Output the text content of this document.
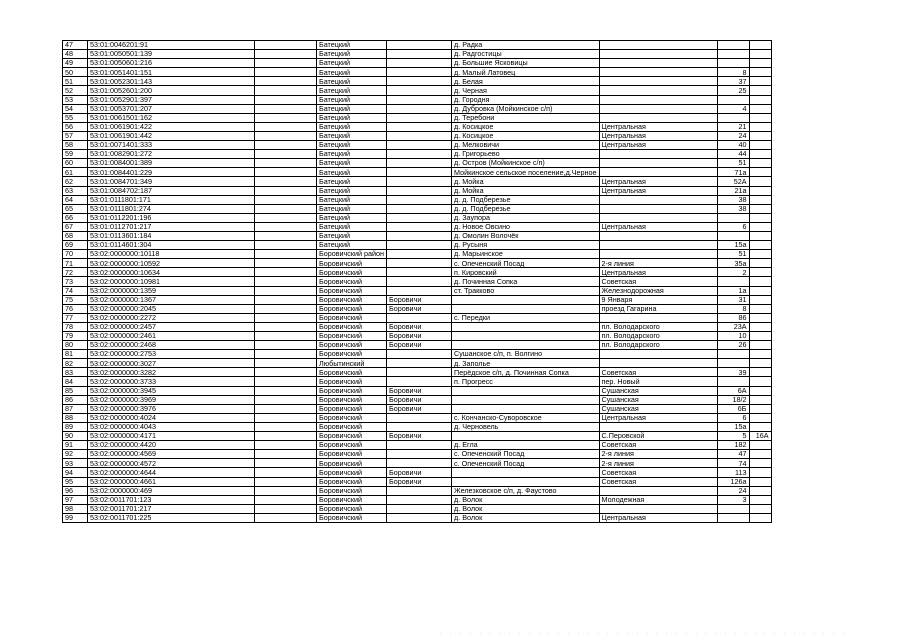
47	53:01:0046201:91		Батецкий		д. Радка			
48	53:01:0050501:139		Батецкий		д. Радгостицы			
49	53:01:0050601:216		Батецкий		д. Большие Ясковицы			
50	53:01:0051401:151		Батецкий		д. Малый Латовец		8	
51	53:01:0052301:143		Батецкий		д. Белая		37	
52	53:01:0052601:200		Батецкий		д. Черная		25	
53	53:01:0052901:397		Батецкий		д. Городня			
54	53:01:0053701:207		Батецкий		д. Дубровка (Мойкинское с/п)		4	
55	53:01:0061501:162		Батецкий		д. Теребони			
56	53:01:0061901:422		Батецкий		д. Косицкое	Центральная	21	
57	53:01:0061901:442		Батецкий		д. Косицкое	Центральная	24	
58	53:01:0071401:333		Батецкий		д. Мелковичи	Центральная	40	
59	53:01:0082901:272		Батецкий		д. Григорьево		44	
60	53:01:0084001:389		Батецкий		д. Остров (Мойкинское с/п)		51	
61	53:01:0084401:229		Батецкий		Мойкинское сельское поселение,д.Черное		71а	
62	53:01:0084701:349		Батецкий		д. Мойка	Центральная	52А	
63	53:01:0084702:187		Батецкий		д. Мойка	Центральная	21а	
64	53:01:0111801:171		Батецкий		д. д. Подберезье		38	
65	53:01:0111801:274		Батецкий		д. д. Подберезье		38	
66	53:01:0112201:196		Батецкий		д. Заупора			
67	53:01:0112701:217		Батецкий		д. Новое Овсино	Центральная	6	
68	53:01:0113601:184		Батецкий		д. Омолин Волочёк			
69	53:01:0114601:304		Батецкий		д. Русыня		15а	
70	53:02:0000000:10118		Боровичский район		д. Марьинское		51	
71	53:02:0000000:10592		Боровичский		с. Опеченский Посад	2-я линия	35а	
72	53:02:0000000:10634		Боровичский		п. Кировский	Центральная	2	
73	53:02:0000000:10981		Боровичский		д. Починная Сопка	Советская		
74	53:02:0000000:1359		Боровичский		ст. Тракково	Железнодорожная	1а	
75	53:02:0000000:1367		Боровичский	Боровичи		9 Января	31	
76	53:02:0000000:2045		Боровичский	Боровичи		проезд Гагарина	8	
77	53:02:0000000:2272		Боровичский		с. Передки		86	
78	53:02:0000000:2457		Боровичский	Боровичи		пл. Володарского	23А	
79	53:02:0000000:2461		Боровичский	Боровичи		пл. Володарского	10	
80	53:02:0000000:2468		Боровичский	Боровичи		пл. Володарского	26	
81	53:02:0000000:2753		Боровичский		Сушанское с/п, п. Волгино			
82	53:02:0000000:3027		Любытинский		д. Заполье			
83	53:02:0000000:3282		Боровичский		Перёдское с/п, д. Починная Сопка	Советская	39	
84	53:02:0000000:3733		Боровичский		п. Прогресс	пер. Новый		
85	53:02:0000000:3945		Боровичский	Боровичи		Сушанская	6А	
86	53:02:0000000:3969		Боровичский	Боровичи		Сушанская	18/2	
87	53:02:0000000:3976		Боровичский	Боровичи		Сушанская	6Б	
88	53:02:0000000:4024		Боровичский		с. Кончанско-Суворовское	Центральная	6	
89	53:02:0000000:4043		Боровичский		д. Черновель		15а	
90	53:02:0000000:4171		Боровичский	Боровичи		С.Перовской	5	16А
91	53:02:0000000:4420		Боровичский		д. Егла	Советская	182	
92	53:02:0000000:4569		Боровичский		с. Опеченский Посад	2-я линия	47	
93	53:02:0000000:4572		Боровичский		с. Опеченский Посад	2-я линия	74	
94	53:02:0000000:4644		Боровичский	Боровичи		Советская	113	
95	53:02:0000000:4661		Боровичский	Боровичи		Советская	126а	
96	53:02:0000000:469		Боровичский		Железковское с/п, д. Фаустово		24	
97	53:02:0011701:123		Боровичский		д. Волок	Молодежная	3	
98	53:02:0011701:217		Боровичский		д. Волок			
99	53:02:0011701:225		Боровичский		д. Волок	Центральная		
· · · · · · · · · · · · · · · · · · · · · · · · · · · · · · · · · · · · · · · · · ·
